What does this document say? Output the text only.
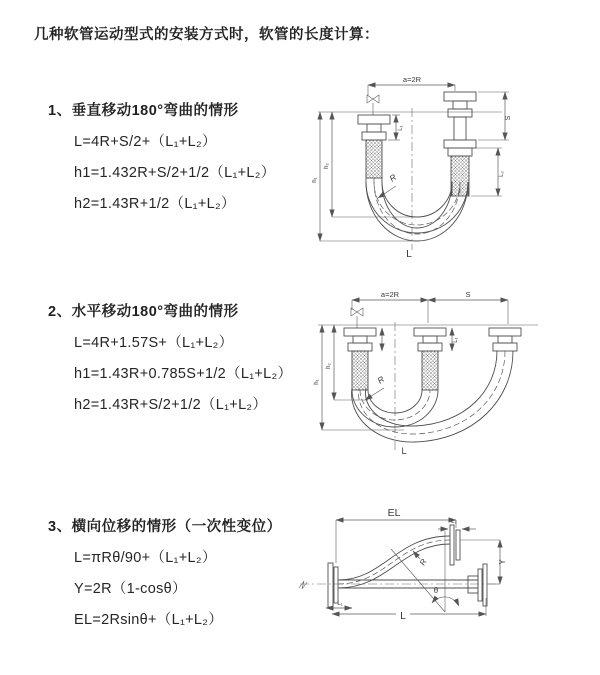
几种软管运动型式的安装方式时，软管的长度计算：
1、垂直移动180°弯曲的情形
L=4R+S/2+（L₁+L₂）
h1=1.432R+S/2+1/2（L₁+L₂）
h2=1.43R+1/2（L₁+L₂）
2、水平移动180°弯曲的情形
L=4R+1.57S+（L₁+L₂）
h1=1.43R+0.785S+1/2（L₁+L₂）
h2=1.43R+S/2+1/2（L₁+L₂）
3、横向位移的情形（一次性变位）
L=πRθ/90+（L₁+L₂）
Y=2R（1-cosθ）
EL=2Rsinθ+（L₁+L₂）
a=2R
L₁
S
L₂
h₁
h₂
R
L
a=2R	S
L₁
h₁
h₂
R
L
EL
L₂
Y
θ
R
L₁
L
